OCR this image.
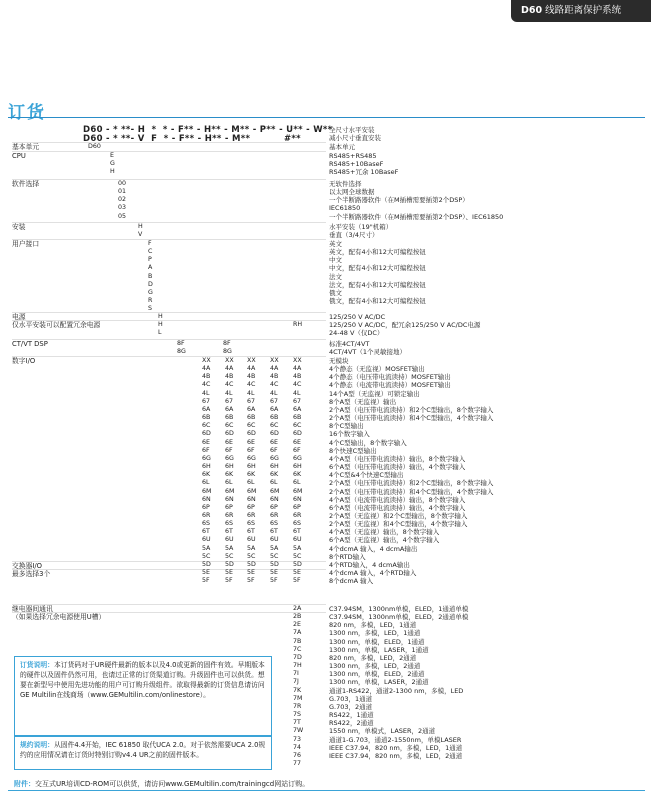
D60 线路距离保护系统
订货
D60 - * **- H  *  * - F** - H** - M** - P** - U** - W**
D60 - * **- V  F  * - F** - H** - M**	#**
全尺寸水平安装
减小尺寸垂直安装
基本单元
CPU
软件选择
安装
用户接口
电源
仅水平安装可以配置冗余电源
CT/VT DSP
数字I/O
交换器I/O
最多选择3个
继电器间通讯
（如果选择冗余电源使用U槽）
D60
E
G
H
00
01
02
03
05
H
V
F
C
P
A
B
D
G
R
S
H
H
L
RH
8F
8G
8F
8G
XX
4A
4B
4C
4L
67
6A
6B
6C
6D
6E
6F
6G
6H
6K
6L
6M
6N
6P
6R
6S
6T
6U
5A
5C
5D
5E
5F
XX
4A
4B
4C
4L
67
6A
6B
6C
6D
6E
6F
6G
6H
6K
6L
6M
6N
6P
6R
6S
6T
6U
5A
5C
5D
5E
5F
XX
4A
4B
4C
4L
67
6A
6B
6C
6D
6E
6F
6G
6H
6K
6L
6M
6N
6P
6R
6S
6T
6U
5A
5C
5D
5E
5F
XX
4A
4B
4C
4L
67
6A
6B
6C
6D
6E
6F
6G
6H
6K
6L
6M
6N
6P
6R
6S
6T
6U
5A
5C
5D
5E
5F
XX
4A
4B
4C
4L
67
6A
6B
6C
6D
6E
6F
6G
6H
6K
6L
6M
6N
6P
6R
6S
6T
6U
5A
5C
5D
5E
5F
2A
2B
2E
7A
7B
7C
7D
7H
7I
7J
7K
7M
7R
7S
7T
7W
73
74
76
77
基本单元
RS485+RS485
RS485+10BaseF
RS485+冗余 10BaseF
无软件选择
以太网全球数据
一个半断路器软件（在M插槽需要插第2个DSP）
IEC61850
一个半断路器软件（在M插槽需要插第2个DSP）、IEC61850
水平安装（19"机箱）
垂直（3/4尺寸）
英文
英文，配有4小和12大可编程按钮
中文
中文，配有4小和12大可编程按钮
法文
法文，配有4小和12大可编程按钮
俄文
俄文，配有4小和12大可编程按钮
125/250 V AC/DC
125/250 V AC/DC，配冗余125/250 V AC/DC电源
24-48 V（仅DC）
标准4CT/4VT
4CT/4VT（1个灵敏接地）
无模块
4个静态（无监视）MOSFET输出
4个静态（电压带电流读持）MOSFET输出
4个静态（电流带电流读持）MOSFET输出
14个A型（无监视）可锁定输出
8个A型（无监视）输出
2个A型（电压带电流读持）和2个C型输出，8个数字输入
2个A型（电压带电流读持）和4个C型输出，4个数字输入
8个C型输出
16个数字输入
4个C型输出，8个数字输入
8个快速C型输出
4个A型（电压带电流读持）输出，8个数字输入
6个A型（电压带电流读持）输出，4个数字输入
4个C型&4个快速C型输出
2个A型（电压带电流读持）和2个C型输出，8个数字输入
2个A型（电压带电流读持）和4个C型输出，4个数字输入
4个A型（电流带电流读持）输出，8个数字输入
6个A型（电流带电流读持）输出，4个数字输入
2个A型（无监视）和2个C型输出，8个数字输入
2个A型（无监视）和4个C型输出，4个数字输入
4个A型（无监视）输出，8个数字输入
6个A型（无监视）输出，4个数字输入
4个dcmA 输入，4 dcmA输出
8个RTD输入
4个RTD输入，4 dcmA输出
4个dcmA 输入，4个RTD输入
8个dcmA 输入
C37.94SM，1300nm单模，ELED，1通道单模
C37.94SM，1300nm单模，ELED，2通道单模
820 nm，多模，LED，1通道
1300 nm，多模，LED，1通道
1300 nm，单模，ELED，1通道
1300 nm，单模，LASER，1通道
820 nm，多模，LED，2通道
1300 nm，多模，LED，2通道
1300 nm，单模，ELED，2通道
1300 nm，单模，LASER，2通道
通道1-RS422，通道2-1300 nm，多模，LED
G.703，1通道
G.703，2通道
RS422，1通道
RS422，2通道
1550 nm，单模式，LASER，2通道
通道1-G.703，通道2-1550nm，单模LASER
IEEE C37.94，820 nm，多模，LED，1通道
IEEE C37.94，820 nm，多模，LED，2通道
订货说明：本订货码对于UR硬件最新的版本以及4.0或更新的固件有效。早期版本的硬件以及固件仍然可用，也请过正常的订货渠道订购。升级固件也可以供货。想要在新型号中使用先进功能的用户可订购升级组件。欲取得最新的订货信息请访问GE Multilin在线商场（www.GEMultilin.com/onlinestore）。
规约说明：从固件4.4开始，IEC 61850 取代UCA 2.0。对于依然需要UCA 2.0规约的应用情况请在订货时特别订购v4.4 UR之前的固件版本。
附件：交互式UR培训CD-ROM可以供货，请访问www.GEMultilin.com/trainingcd网站订购。
